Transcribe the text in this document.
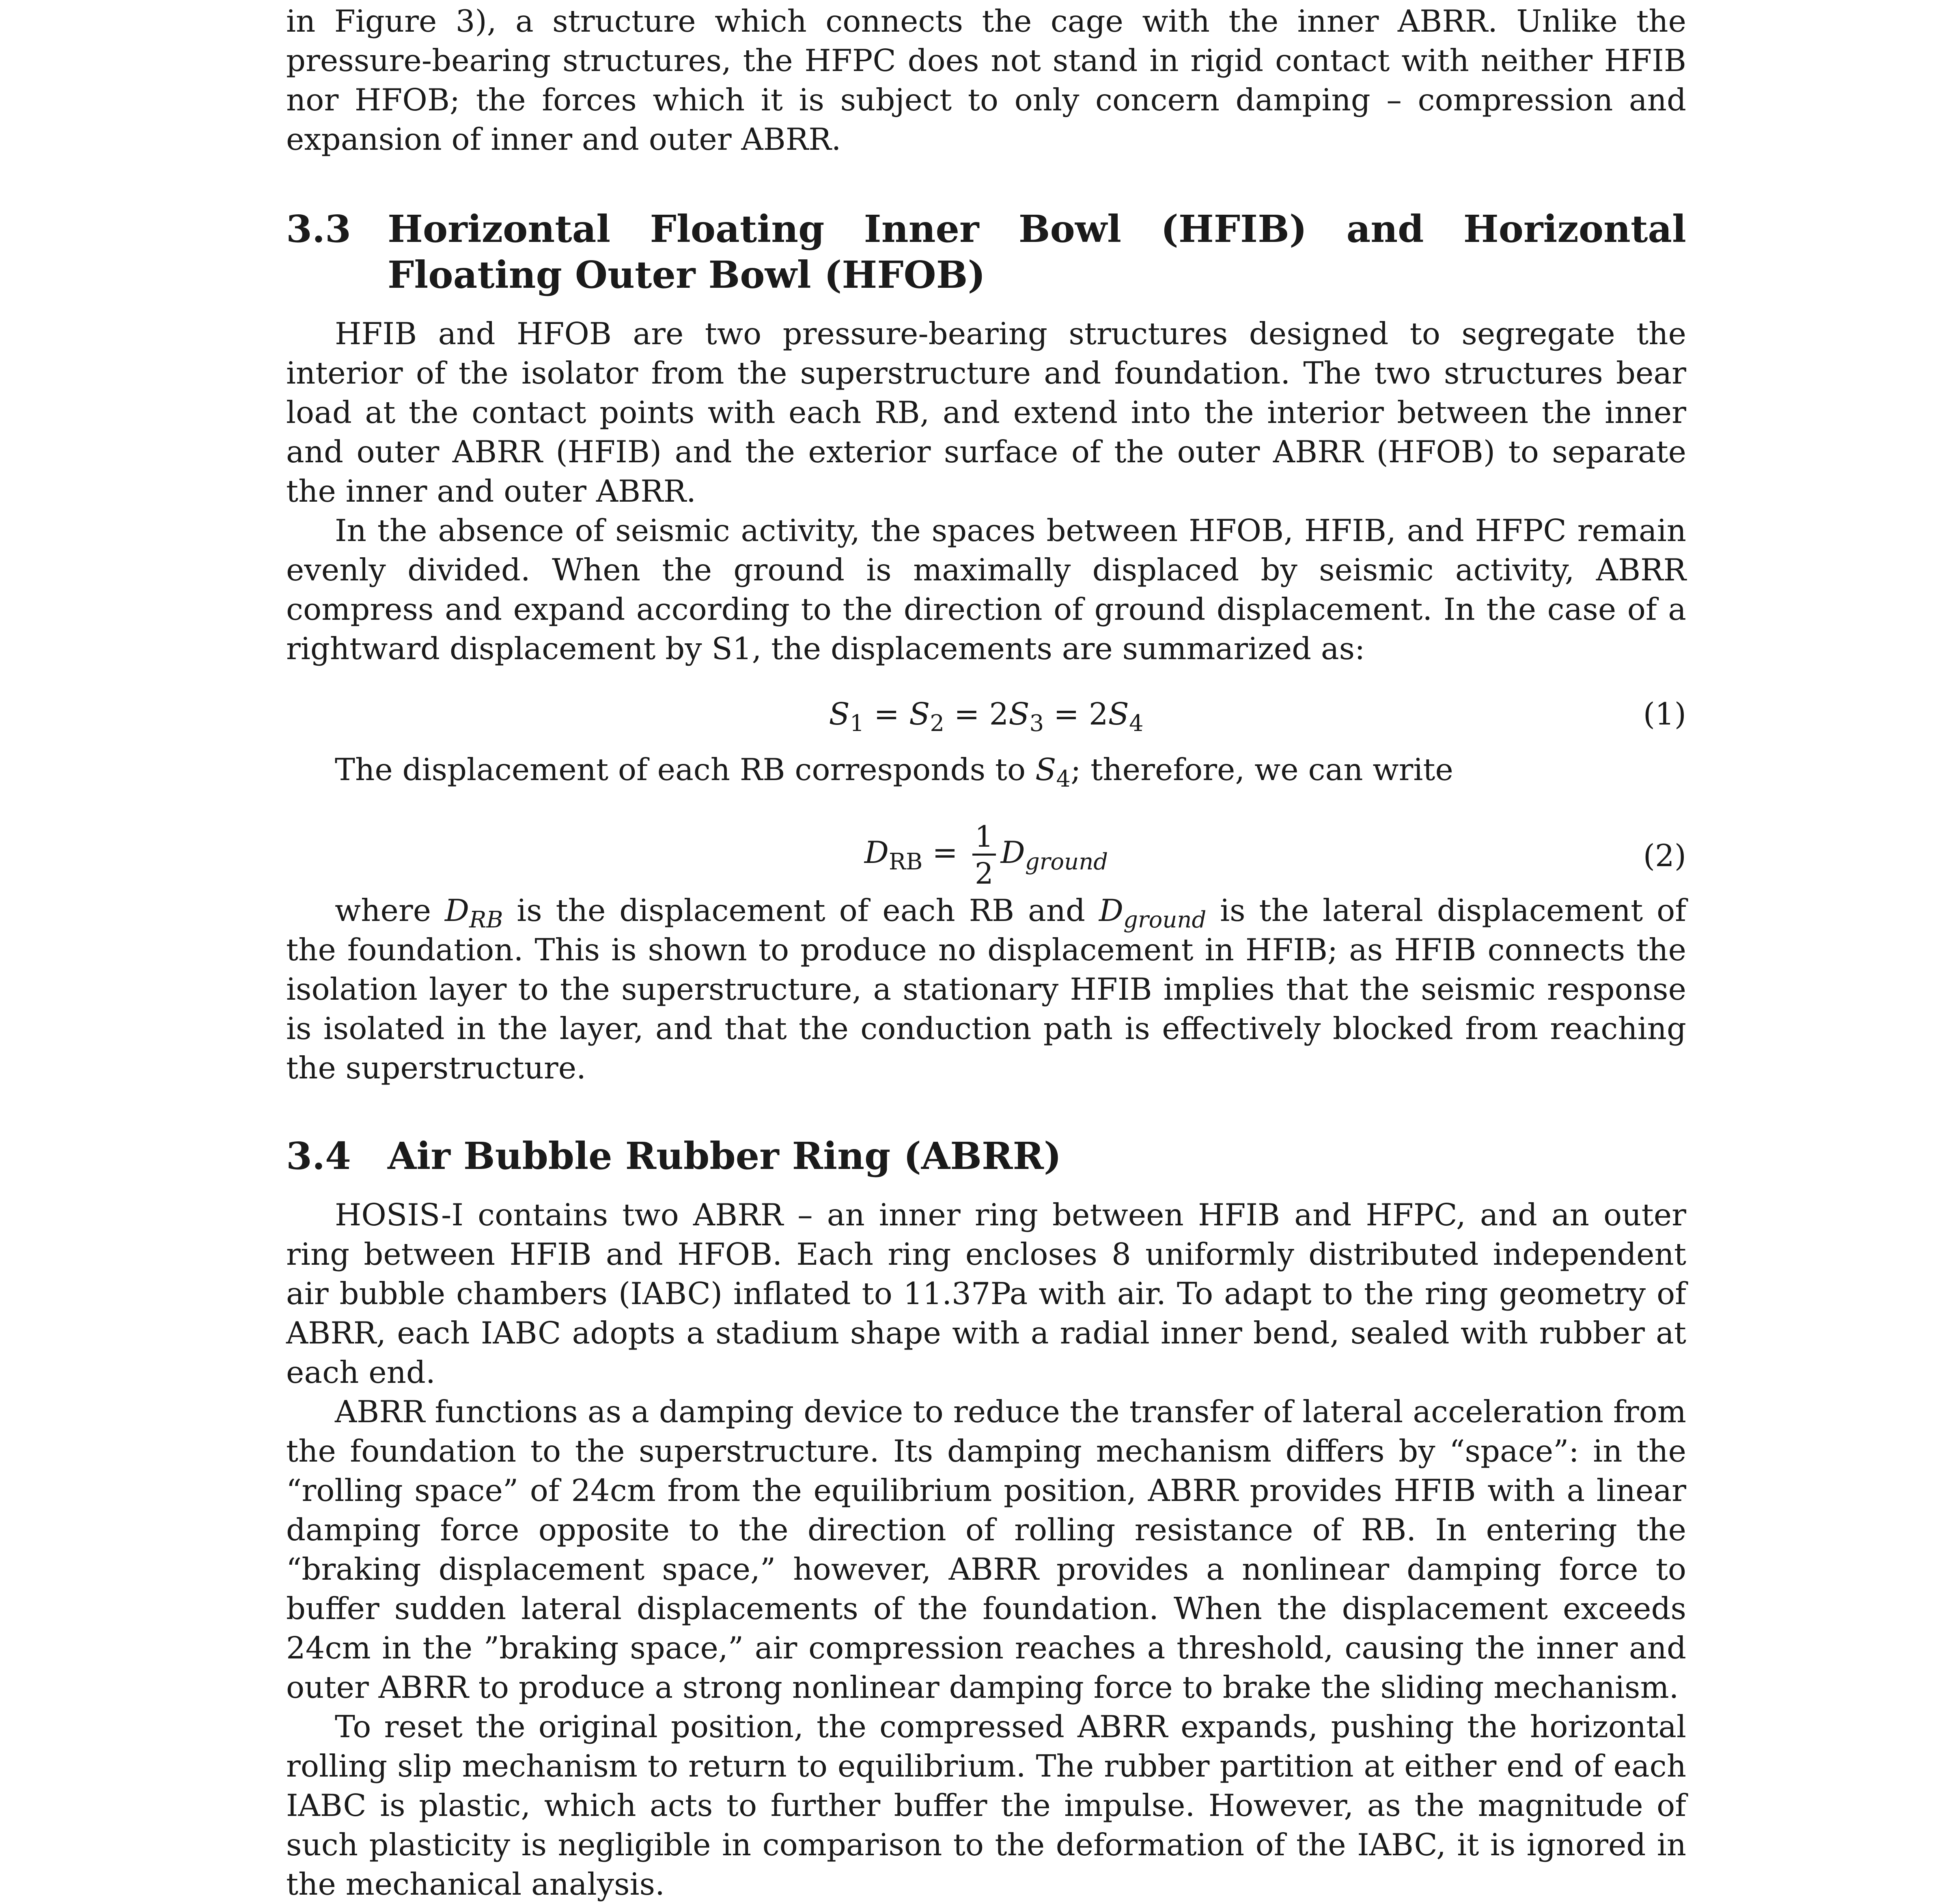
in Figure 3), a structure which connects the cage with the inner ABRR. Unlike the pressure-bearing structures, the HFPC does not stand in rigid contact with neither HFIB nor HFOB; the forces which it is subject to only concern damping – compression and expansion of inner and outer ABRR.

3.3 Horizontal Floating Inner Bowl (HFIB) and Horizontal Floating Outer Bowl (HFOB)

HFIB and HFOB are two pressure-bearing structures designed to segregate the interior of the isolator from the superstructure and foundation. The two structures bear load at the contact points with each RB, and extend into the interior between the inner and outer ABRR (HFIB) and the exterior surface of the outer ABRR (HFOB) to separate the inner and outer ABRR.

In the absence of seismic activity, the spaces between HFOB, HFIB, and HFPC remain evenly divided. When the ground is maximally displaced by seismic activity, ABRR compress and expand according to the direction of ground displacement. In the case of a rightward displacement by S1, the displacements are summarized as:

$S_1 = S_2 = 2S_3 = 2S_4$	(1)

The displacement of each RB corresponds to $S_4$; therefore, we can write

$D_{RB} = \frac{1}{2} D_{ground}$	(2)

where $D_{RB}$ is the displacement of each RB and $D_{ground}$ is the lateral displacement of the foundation. This is shown to produce no displacement in HFIB; as HFIB connects the isolation layer to the superstructure, a stationary HFIB implies that the seismic response is isolated in the layer, and that the conduction path is effectively blocked from reaching the superstructure.

3.4 Air Bubble Rubber Ring (ABRR)

HOSIS-I contains two ABRR – an inner ring between HFIB and HFPC, and an outer ring between HFIB and HFOB. Each ring encloses 8 uniformly distributed independent air bubble chambers (IABC) inflated to 11.37Pa with air. To adapt to the ring geometry of ABRR, each IABC adopts a stadium shape with a radial inner bend, sealed with rubber at each end.

ABRR functions as a damping device to reduce the transfer of lateral acceleration from the foundation to the superstructure. Its damping mechanism differs by “space”: in the “rolling space” of 24cm from the equilibrium position, ABRR provides HFIB with a linear damping force opposite to the direction of rolling resistance of RB. In entering the “braking displacement space,” however, ABRR provides a nonlinear damping force to buffer sudden lateral displacements of the foundation. When the displacement exceeds 24cm in the ”braking space,” air compression reaches a threshold, causing the inner and outer ABRR to produce a strong nonlinear damping force to brake the sliding mechanism.

To reset the original position, the compressed ABRR expands, pushing the horizontal rolling slip mechanism to return to equilibrium. The rubber partition at either end of each IABC is plastic, which acts to further buffer the impulse. However, as the magnitude of such plasticity is negligible in comparison to the deformation of the IABC, it is ignored in the mechanical analysis.
